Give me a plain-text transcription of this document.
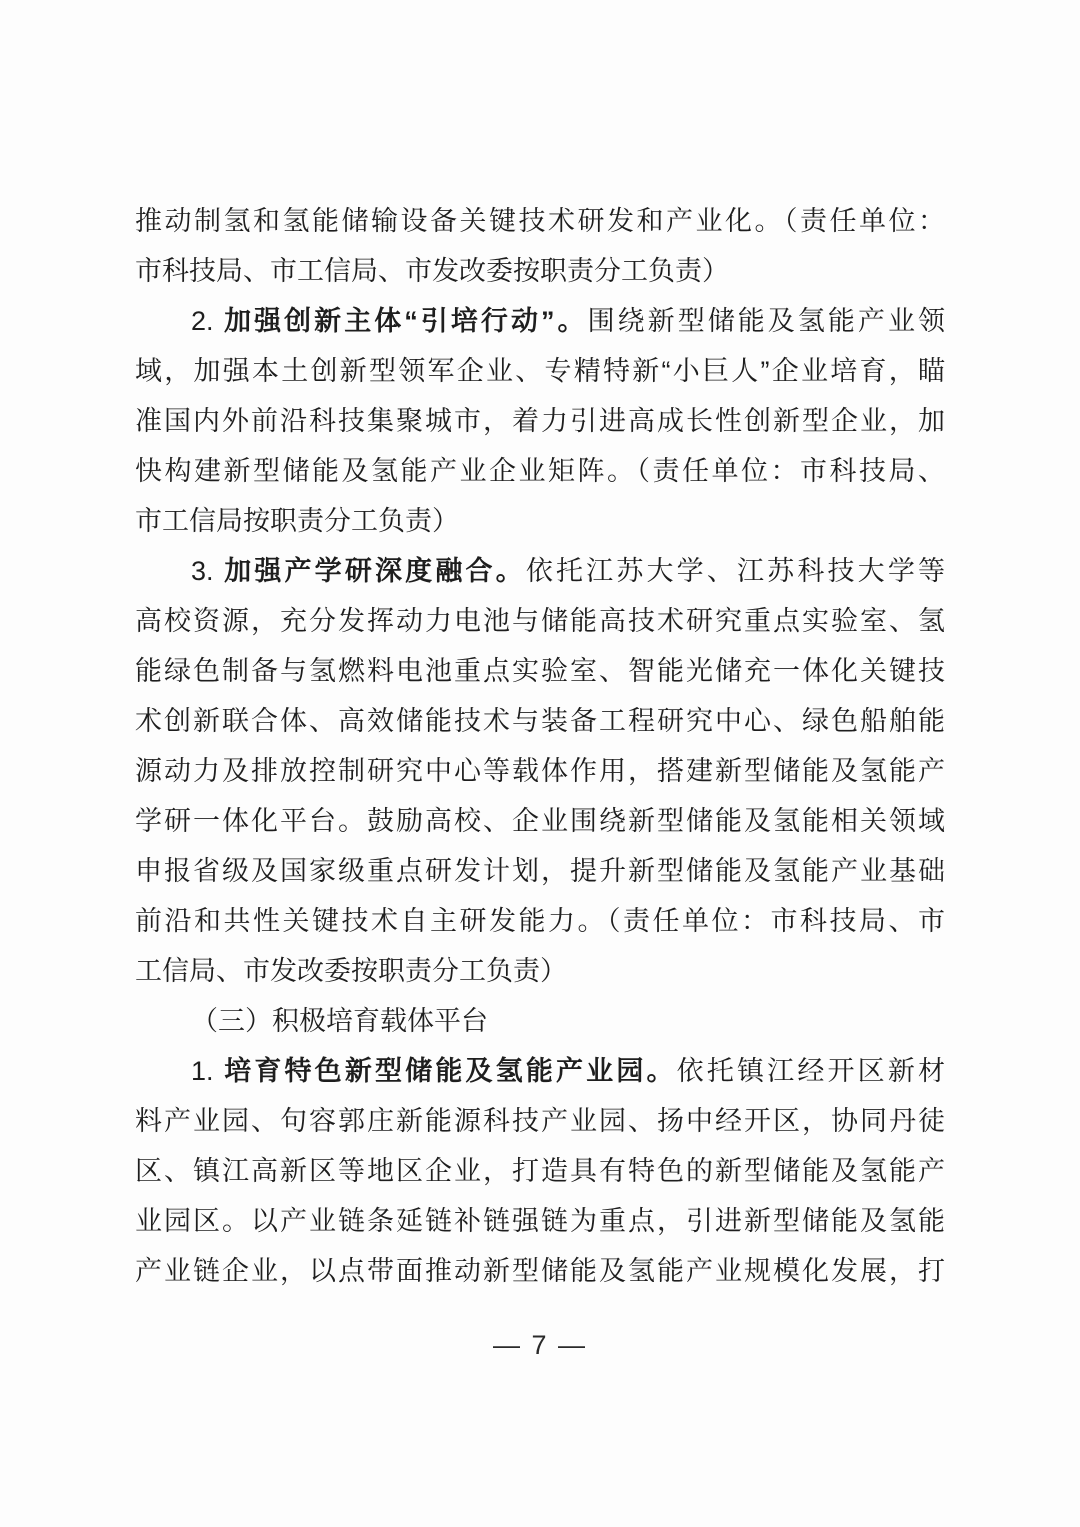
推动制氢和氢能储输设备关键技术研发和产业化。（责任单位：
市科技局、市工信局、市发改委按职责分工负责）
2. 加强创新主体“引培行动”。围绕新型储能及氢能产业领
域，加强本土创新型领军企业、专精特新“小巨人”企业培育，瞄
准国内外前沿科技集聚城市，着力引进高成长性创新型企业，加
快构建新型储能及氢能产业企业矩阵。（责任单位：市科技局、
市工信局按职责分工负责）
3. 加强产学研深度融合。依托江苏大学、江苏科技大学等
高校资源，充分发挥动力电池与储能高技术研究重点实验室、氢
能绿色制备与氢燃料电池重点实验室、智能光储充一体化关键技
术创新联合体、高效储能技术与装备工程研究中心、绿色船舶能
源动力及排放控制研究中心等载体作用，搭建新型储能及氢能产
学研一体化平台。鼓励高校、企业围绕新型储能及氢能相关领域
申报省级及国家级重点研发计划，提升新型储能及氢能产业基础
前沿和共性关键技术自主研发能力。（责任单位：市科技局、市
工信局、市发改委按职责分工负责）
（三）积极培育载体平台
1. 培育特色新型储能及氢能产业园。依托镇江经开区新材
料产业园、句容郭庄新能源科技产业园、扬中经开区，协同丹徒
区、镇江高新区等地区企业，打造具有特色的新型储能及氢能产
业园区。以产业链条延链补链强链为重点，引进新型储能及氢能
产业链企业，以点带面推动新型储能及氢能产业规模化发展，打
— 7 —
